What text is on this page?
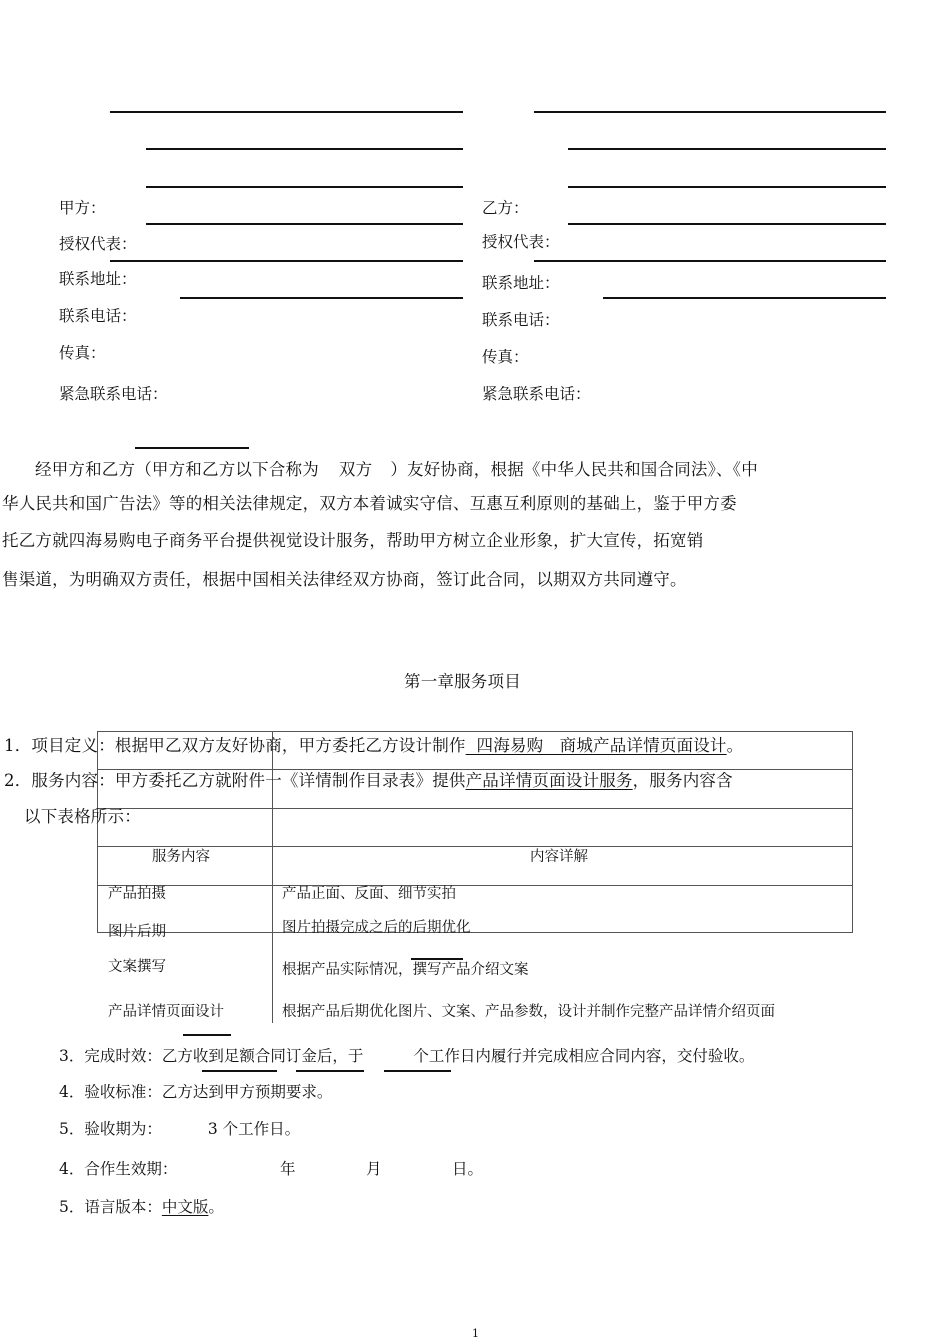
甲方：
授权代表：
联系地址：
联系电话：
传真：
紧急联系电话：
乙方：
授权代表：
联系地址：
联系电话：
传真：
紧急联系电话：
经甲方和乙方（甲方和乙方以下合称为 双方 ）友好协商，根据《中华人民共和国合同法》、《中
华人民共和国广告法》等的相关法律规定，双方本着诚实守信、互惠互利原则的基础上，鉴于甲方委
托乙方就四海易购电子商务平台提供视觉设计服务，帮助甲方树立企业形象，扩大宣传，拓宽销
售渠道，为明确双方责任，根据中国相关法律经双方协商，签订此合同，以期双方共同遵守。
第一章服务项目
服务内容	内容详解
产品拍摄	产品正面、反面、细节实拍
图片后期	图片拍摄完成之后的后期优化
文案撰写	根据产品实际情况，撰写产品介绍文案
产品详情页面设计	根据产品后期优化图片、文案、产品参数，设计并制作完整产品详情介绍页面
1．项目定义：根据甲乙双方友好协商，甲方委托乙方设计制作  四海易购   商城产品详情页面设计。
2．服务内容：甲方委托乙方就附件一《详情制作目录表》提供产品详情页面设计服务，服务内容含
以下表格所示：
3．完成时效：乙方收到足额合同订金后，于	个工作日内履行并完成相应合同内容，交付验收。
4．验收标准：乙方达到甲方预期要求。
5．验收期为：	3 个工作日。
4．合作生效期：	年	月	日。
5．语言版本：中文版。
1
